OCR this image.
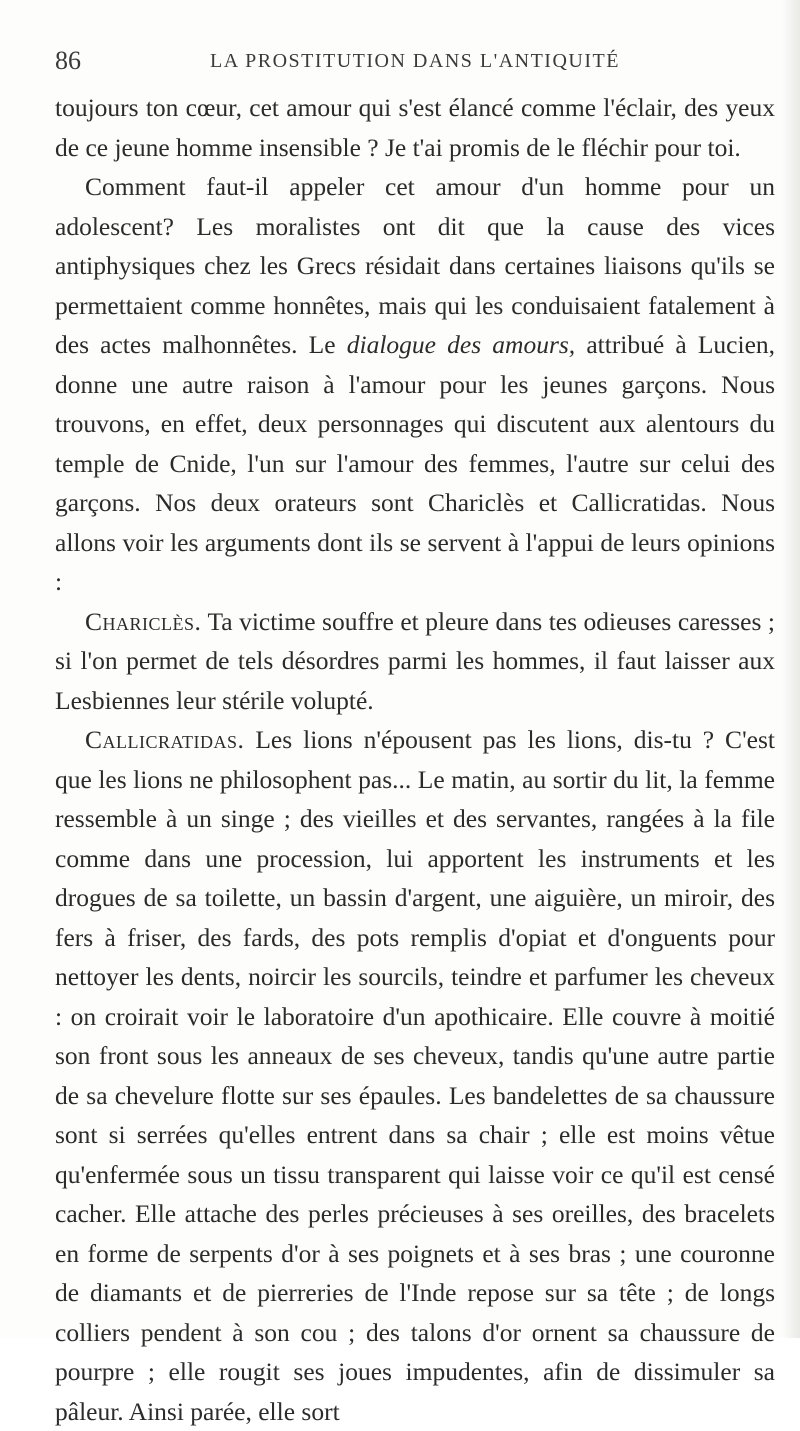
86	LA PROSTITUTION DANS L'ANTIQUITÉ

toujours ton cœur, cet amour qui s'est élancé comme l'éclair, des yeux de ce jeune homme insensible ? Je t'ai promis de le fléchir pour toi.

Comment faut-il appeler cet amour d'un homme pour un adolescent? Les moralistes ont dit que la cause des vices antiphysiques chez les Grecs résidait dans certaines liaisons qu'ils se permettaient comme honnêtes, mais qui les conduisaient fatalement à des actes malhonnêtes. Le dialogue des amours, attribué à Lucien, donne une autre raison à l'amour pour les jeunes garçons. Nous trouvons, en effet, deux personnages qui discutent aux alentours du temple de Cnide, l'un sur l'amour des femmes, l'autre sur celui des garçons. Nos deux orateurs sont Chariclès et Callicratidas. Nous allons voir les arguments dont ils se servent à l'appui de leurs opinions :

Chariclès. Ta victime souffre et pleure dans tes odieuses caresses ; si l'on permet de tels désordres parmi les hommes, il faut laisser aux Lesbiennes leur stérile volupté.

Callicratidas. Les lions n'épousent pas les lions, dis-tu ? C'est que les lions ne philosophent pas... Le matin, au sortir du lit, la femme ressemble à un singe ; des vieilles et des servantes, rangées à la file comme dans une procession, lui apportent les instruments et les drogues de sa toilette, un bassin d'argent, une aiguière, un miroir, des fers à friser, des fards, des pots remplis d'opiat et d'onguents pour nettoyer les dents, noircir les sourcils, teindre et parfumer les cheveux : on croirait voir le laboratoire d'un apothicaire. Elle couvre à moitié son front sous les anneaux de ses cheveux, tandis qu'une autre partie de sa chevelure flotte sur ses épaules. Les bandelettes de sa chaussure sont si serrées qu'elles entrent dans sa chair ; elle est moins vêtue qu'enfermée sous un tissu transparent qui laisse voir ce qu'il est censé cacher. Elle attache des perles précieuses à ses oreilles, des bracelets en forme de serpents d'or à ses poignets et à ses bras ; une couronne de diamants et de pierreries de l'Inde repose sur sa tête ; de longs colliers pendent à son cou ; des talons d'or ornent sa chaussure de pourpre ; elle rougit ses joues impudentes, afin de dissimuler sa pâleur. Ainsi parée, elle sort
